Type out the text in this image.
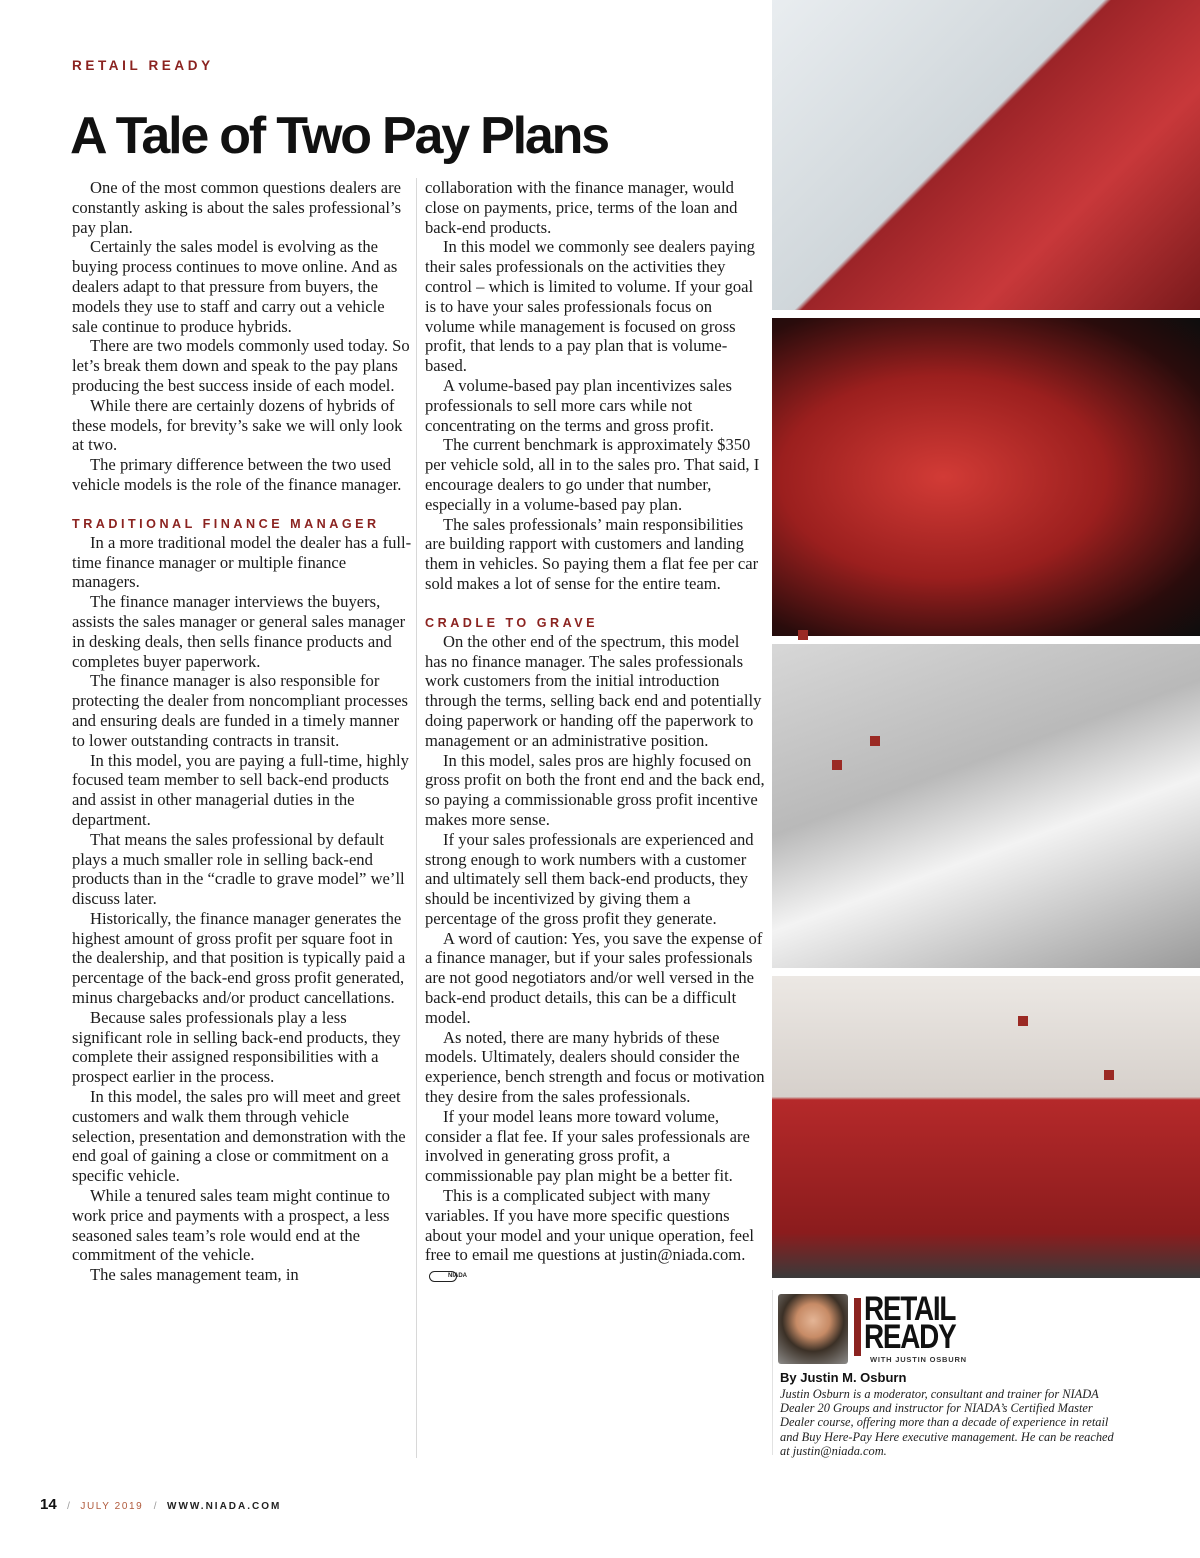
RETAIL READY
A Tale of Two Pay Plans

One of the most common questions dealers are constantly asking is about the sales professional’s pay plan.

Certainly the sales model is evolving as the buying process continues to move online. And as dealers adapt to that pressure from buyers, the models they use to staff and carry out a vehicle sale continue to produce hybrids.

There are two models commonly used today. So let’s break them down and speak to the pay plans producing the best success inside of each model.

While there are certainly dozens of hybrids of these models, for brevity’s sake we will only look at two.

The primary difference between the two used vehicle models is the role of the finance manager.

TRADITIONAL FINANCE MANAGER

In a more traditional model the dealer has a full-time finance manager or multiple finance managers.

The finance manager interviews the buyers, assists the sales manager or general sales manager in desking deals, then sells finance products and completes buyer paperwork.

The finance manager is also responsible for protecting the dealer from noncompliant processes and ensuring deals are funded in a timely manner to lower outstanding contracts in transit.

In this model, you are paying a full-time, highly focused team member to sell back-end products and assist in other managerial duties in the department.

That means the sales professional by default plays a much smaller role in selling back-end products than in the “cradle to grave model” we’ll discuss later.

Historically, the finance manager generates the highest amount of gross profit per square foot in the dealership, and that position is typically paid a percentage of the back-end gross profit generated, minus chargebacks and/or product cancellations.

Because sales professionals play a less significant role in selling back-end products, they complete their assigned responsibilities with a prospect earlier in the process.

In this model, the sales pro will meet and greet customers and walk them through vehicle selection, presentation and demonstration with the end goal of gaining a close or commitment on a specific vehicle.

While a tenured sales team might continue to work price and payments with a prospect, a less seasoned sales team’s role would end at the commitment of the vehicle.

The sales management team, in

collaboration with the finance manager, would close on payments, price, terms of the loan and back-end products.

In this model we commonly see dealers paying their sales professionals on the activities they control – which is limited to volume. If your goal is to have your sales professionals focus on volume while management is focused on gross profit, that lends to a pay plan that is volume-based.

A volume-based pay plan incentivizes sales professionals to sell more cars while not concentrating on the terms and gross profit.

The current benchmark is approximately $350 per vehicle sold, all in to the sales pro. That said, I encourage dealers to go under that number, especially in a volume-based pay plan.

The sales professionals’ main responsibilities are building rapport with customers and landing them in vehicles. So paying them a flat fee per car sold makes a lot of sense for the entire team.

CRADLE TO GRAVE

On the other end of the spectrum, this model has no finance manager. The sales professionals work customers from the initial introduction through the terms, selling back end and potentially doing paperwork or handing off the paperwork to management or an administrative position.

In this model, sales pros are highly focused on gross profit on both the front end and the back end, so paying a commissionable gross profit incentive makes more sense.

If your sales professionals are experienced and strong enough to work numbers with a customer and ultimately sell them back-end products, they should be incentivized by giving them a percentage of the gross profit they generate.

A word of caution: Yes, you save the expense of a finance manager, but if your sales professionals are not good negotiators and/or well versed in the back-end product details, this can be a difficult model.

As noted, there are many hybrids of these models. Ultimately, dealers should consider the experience, bench strength and focus or motivation they desire from the sales professionals.

If your model leans more toward volume, consider a flat fee. If your sales professionals are involved in generating gross profit, a commissionable pay plan might be a better fit.

This is a complicated subject with many variables. If you have more specific questions about your model and your unique operation, feel free to email me questions at justin@niada.com.NIADA

RETAIL
READY
WITH JUSTIN OSBURN
By Justin M. Osburn
Justin Osburn is a moderator, consultant and trainer for NIADA Dealer 20 Groups and instructor for NIADA’s Certified Master Dealer course, offering more than a decade of experience in retail and Buy Here-Pay Here executive management. He can be reached at justin@niada.com.
14 / JULY 2019 / WWW.NIADA.COM
